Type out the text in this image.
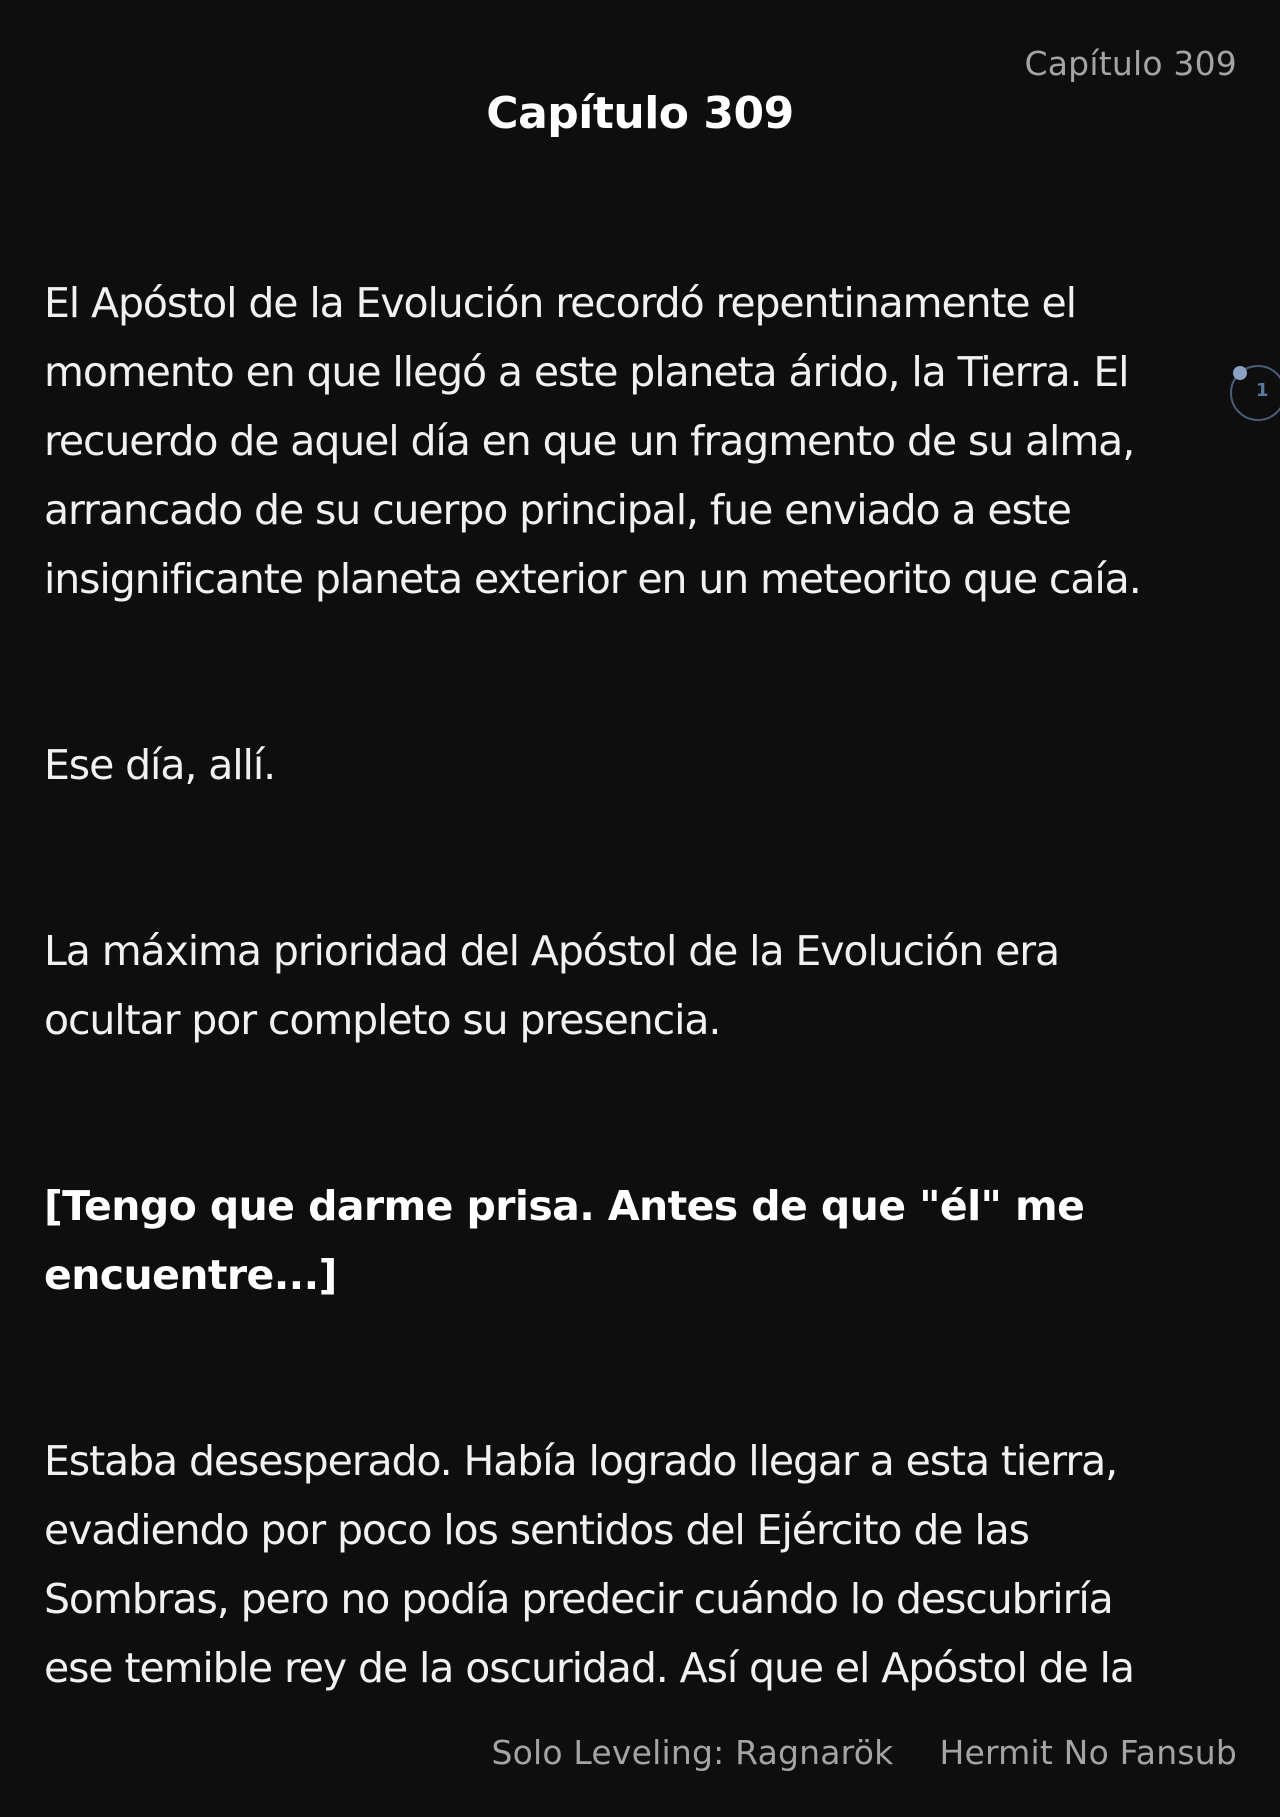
Capítulo 309
Capítulo 309

El Apóstol de la Evolución recordó repentinamente el
momento en que llegó a este planeta árido, la Tierra. El
recuerdo de aquel día en que un fragmento de su alma,
arrancado de su cuerpo principal, fue enviado a este
insignificante planeta exterior en un meteorito que caía.

Ese día, allí.

La máxima prioridad del Apóstol de la Evolución era
ocultar por completo su presencia.

[Tengo que darme prisa. Antes de que "él" me
encuentre...]

Estaba desesperado. Había logrado llegar a esta tierra,
evadiendo por poco los sentidos del Ejército de las
Sombras, pero no podía predecir cuándo lo descubriría
ese temible rey de la oscuridad. Así que el Apóstol de la

1
Solo Leveling: Ragnarök Hermit No Fansub
